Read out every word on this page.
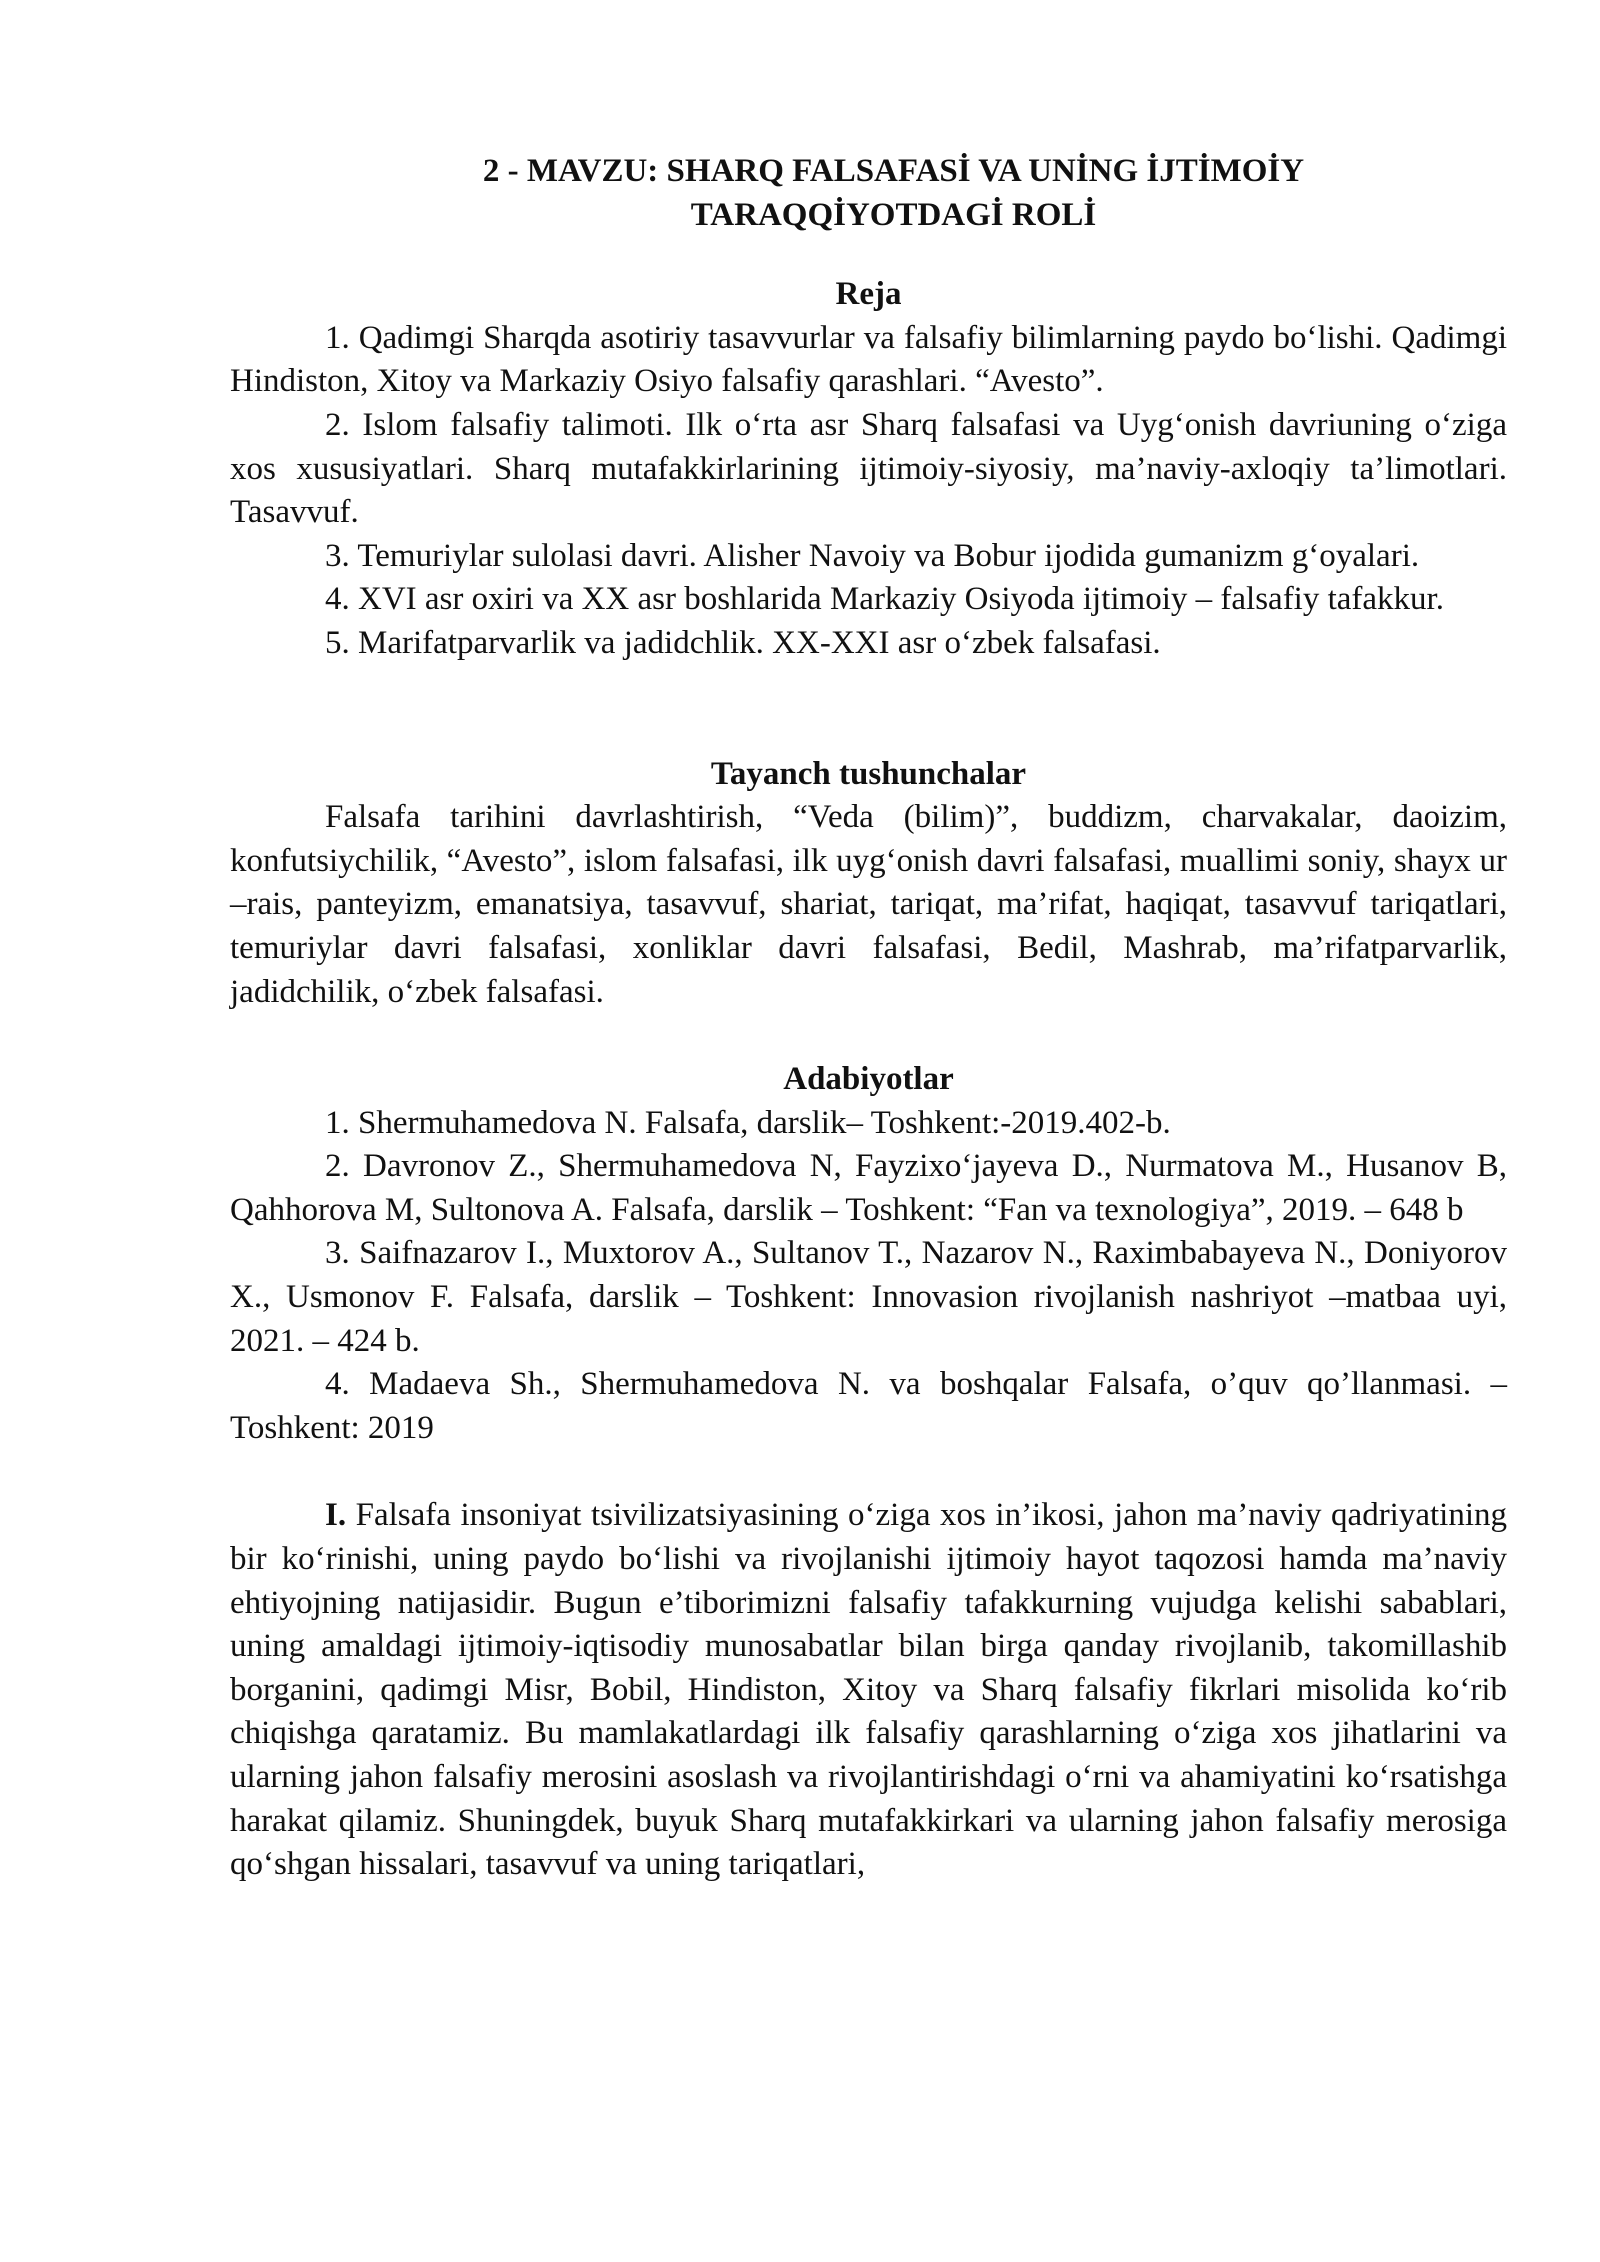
2 - MAVZU: SHARQ FALSAFASİ VA UNİNG İJTİMOİY
TARAQQİYOTDAGİ ROLİ
Reja

1. Qadimgi Sharqda asotiriy tasavvurlar va falsafiy bilimlarning paydo bo‘lishi. Qadimgi Hindiston, Xitoy va Markaziy Osiyo falsafiy qarashlari. “Avesto”.

2. Islom falsafiy talimoti. Ilk o‘rta asr Sharq falsafasi va Uyg‘onish davriuning o‘ziga xos xususiyatlari. Sharq mutafakkirlarining ijtimoiy-siyosiy, ma’naviy-axloqiy ta’limotlari. Tasavvuf.

3. Temuriylar sulolasi davri. Alisher Navoiy va Bobur ijodida gumanizm g‘oyalari.

4. XVI asr oxiri va XX asr boshlarida Markaziy Osiyoda ijtimoiy – falsafiy tafakkur.

5. Marifatparvarlik va jadidchlik. XX-XXI asr o‘zbek falsafasi.

Tayanch tushunchalar

Falsafa tarihini davrlashtirish, “Veda (bilim)”, buddizm, charvakalar, daoizim, konfutsiychilik, “Avesto”, islom falsafasi, ilk uyg‘onish davri falsafasi, muallimi soniy, shayx ur –rais, panteyizm, emanatsiya, tasavvuf, shariat, tariqat, ma’rifat, haqiqat, tasavvuf tariqatlari, temuriylar davri falsafasi, xonliklar davri falsafasi, Bedil, Mashrab, ma’rifatparvarlik, jadidchilik, o‘zbek falsafasi.

Adabiyotlar

1. Shermuhamedova N. Falsafa, darslik– Toshkent:-2019.402-b.

2. Davronov Z., Shermuhamedova N, Fayzixo‘jayeva D., Nurmatova M., Husanov B, Qahhorova M, Sultonova A. Falsafa, darslik – Toshkent: “Fan va texnologiya”, 2019. – 648 b

3. Saifnazarov I., Muxtorov A., Sultanov T., Nazarov N., Raximbabayeva N., Doniyorov X., Usmonov F. Falsafa, darslik – Toshkent: Innovasion rivojlanish nashriyot –matbaa uyi, 2021. – 424 b.

4. Madaeva Sh., Shermuhamedova N. va boshqalar Falsafa, o’quv qo’llanmasi. –Toshkent: 2019

I. Falsafa insoniyat tsivilizatsiyasining o‘ziga xos in’ikosi, jahon ma’naviy qadriyatining bir ko‘rinishi, uning paydo bo‘lishi va rivojlanishi ijtimoiy hayot taqozosi hamda ma’naviy ehtiyojning natijasidir. Bugun e’tiborimizni falsafiy tafakkurning vujudga kelishi sabablari, uning amaldagi ijtimoiy-iqtisodiy munosabatlar bilan birga qanday rivojlanib, takomillashib borganini, qadimgi Misr, Bobil, Hindiston, Xitoy va Sharq falsafiy fikrlari misolida ko‘rib chiqishga qaratamiz. Bu mamlakatlardagi ilk falsafiy qarashlarning o‘ziga xos jihatlarini va ularning jahon falsafiy merosini asoslash va rivojlantirishdagi o‘rni va ahamiyatini ko‘rsatishga harakat qilamiz. Shuningdek, buyuk Sharq mutafakkirkari va ularning jahon falsafiy merosiga qo‘shgan hissalari, tasavvuf va uning tariqatlari,
